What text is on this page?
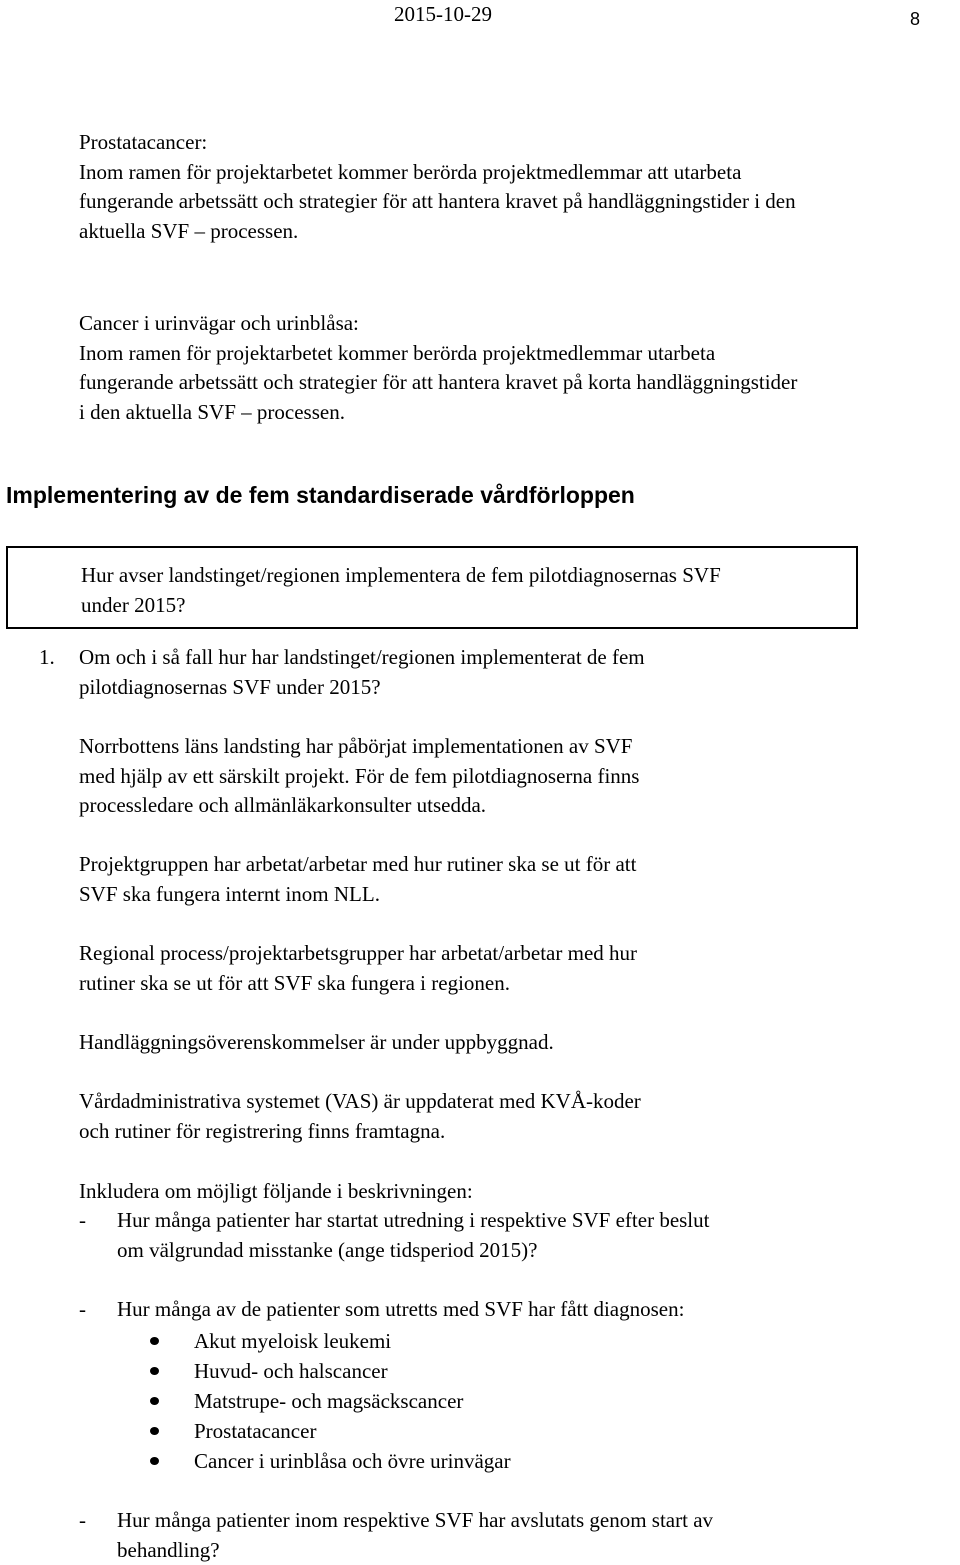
2015-10-29	8

Prostatacancer:

Inom ramen för projektarbetet kommer berörda projektmedlemmar att utarbeta

fungerande arbetssätt och strategier för att hantera kravet på handläggningstider i den

aktuella SVF – processen.

Cancer i urinvägar och urinblåsa:

Inom ramen för projektarbetet kommer berörda projektmedlemmar utarbeta

fungerande arbetssätt och strategier för att hantera kravet på korta handläggningstider

i den aktuella SVF – processen.

Implementering av de fem standardiserade vårdförloppen

Hur avser landstinget/regionen implementera de fem pilotdiagnosernas SVF

under 2015?

1. Om och i så fall hur har landstinget/regionen implementerat de fem

pilotdiagnosernas SVF under 2015?

Norrbottens läns landsting har påbörjat implementationen av SVF

med hjälp av ett särskilt projekt. För de fem pilotdiagnoserna finns

processledare och allmänläkarkonsulter utsedda.

Projektgruppen har arbetat/arbetar med hur rutiner ska se ut för att

SVF ska fungera internt inom NLL.

Regional process/projektarbetsgrupper har arbetat/arbetar med hur

rutiner ska se ut för att SVF ska fungera i regionen.

Handläggningsöverenskommelser är under uppbyggnad.

Vårdadministrativa systemet (VAS) är uppdaterat med KVÅ-koder

och rutiner för registrering finns framtagna.

Inkludera om möjligt följande i beskrivningen:

- Hur många patienter har startat utredning i respektive SVF efter beslut

om välgrundad misstanke (ange tidsperiod 2015)?

- Hur många av de patienter som utretts med SVF har fått diagnosen:

Akut myeloisk leukemi
Huvud- och halscancer
Matstrupe- och magsäckscancer
Prostatacancer
Cancer i urinblåsa och övre urinvägar
- Hur många patienter inom respektive SVF har avslutats genom start av

behandling?
